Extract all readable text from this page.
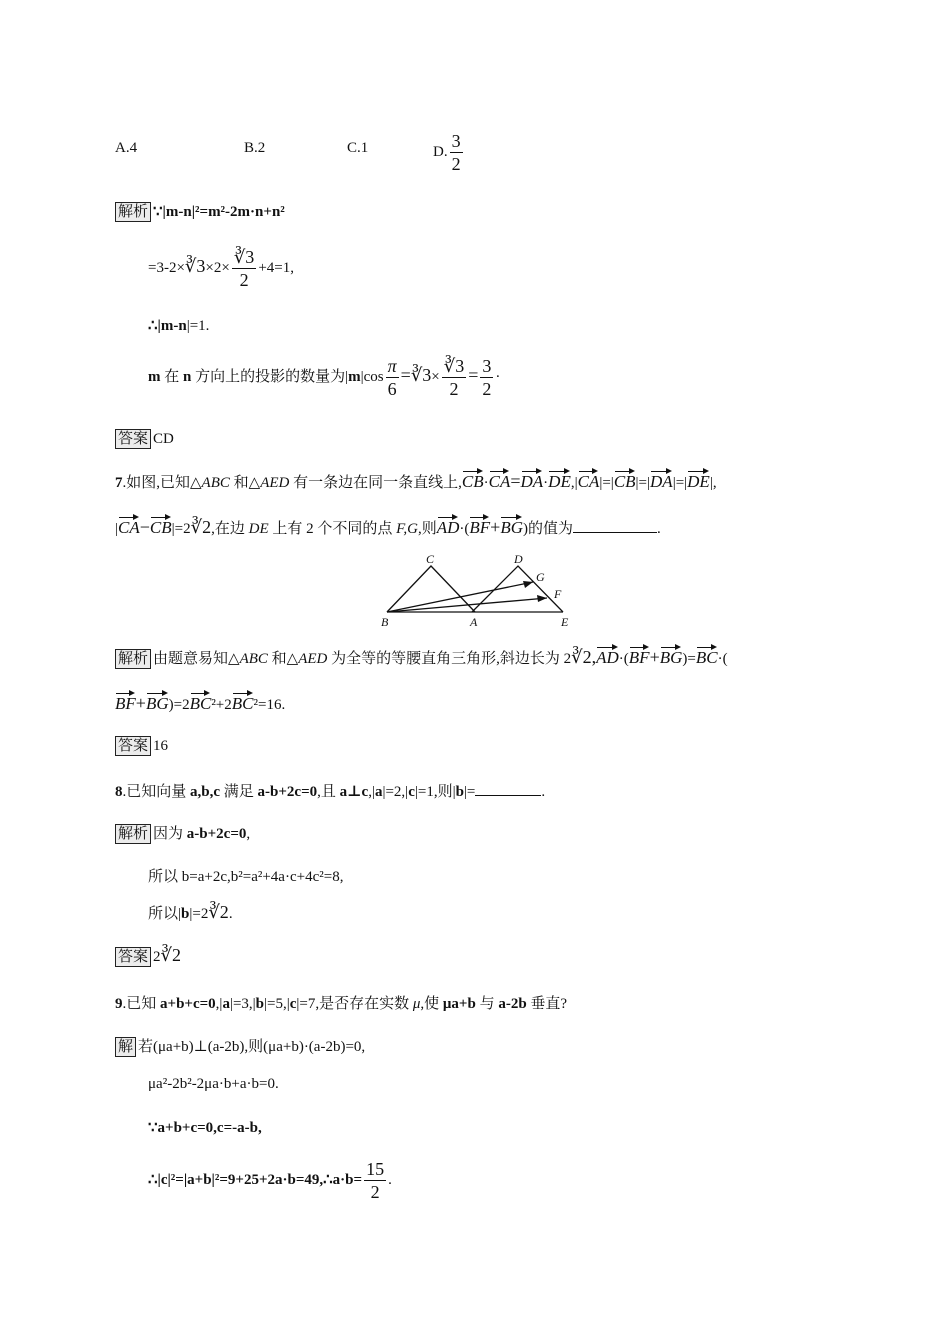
A.4	B.2	C.1	D. $\frac{3}{2}$
解析 ∵|m-n|²=m²-2m·n+n²
=3-2×∛3×2× $\frac{∛3}{2} +4=1$,
∴|m-n|=1.
m 在 n 方向上的投影的数量为$|m|\cos \frac{\pi}{6}$ =∛3× $\frac{∛3}{2} = \frac{3}{2}$ ·
答案 CD
7.如图,已知△ABC 和△AED 有一条边在同一条直线上,CB·CA=DA·DE,|CA|=|CB|=|DA|=|DE|,
|CA−CB|=2∛2,在边 DE 上有 2 个不同的点 F,G,则AD·(BF+BG)的值为	.
C	D
G
F
B	A	E
解析 由题意易知△ABC 和△AED 为全等的等腰直角三角形,斜边长为 2∛2,AD·(BF+BG)=BC·(
BF+BG)=2BC²+2BC²=16.
答案 16
8.已知向量 a,b,c 满足 a-b+2c=0,且 a⊥c,|a|=2,|c|=1,则|b|=	.
解析 因为 a-b+2c=0,
所以 b=a+2c,b²=a²+4a·c+4c²=8,
所以|b|=2∛2.
答案 2∛2
9.已知 a+b+c=0,|a|=3,|b|=5,|c|=7,是否存在实数 μ,使 μa+b 与 a-2b 垂直?
解 若(μa+b)⊥(a-2b),则(μa+b)·(a-2b)=0,
μa²-2b²-2μa·b+a·b=0.
∵a+b+c=0,c=-a-b,
∴|c|²=|a+b|²=9+25+2a·b=49,∴a·b= $\frac{15}{2}$ .
